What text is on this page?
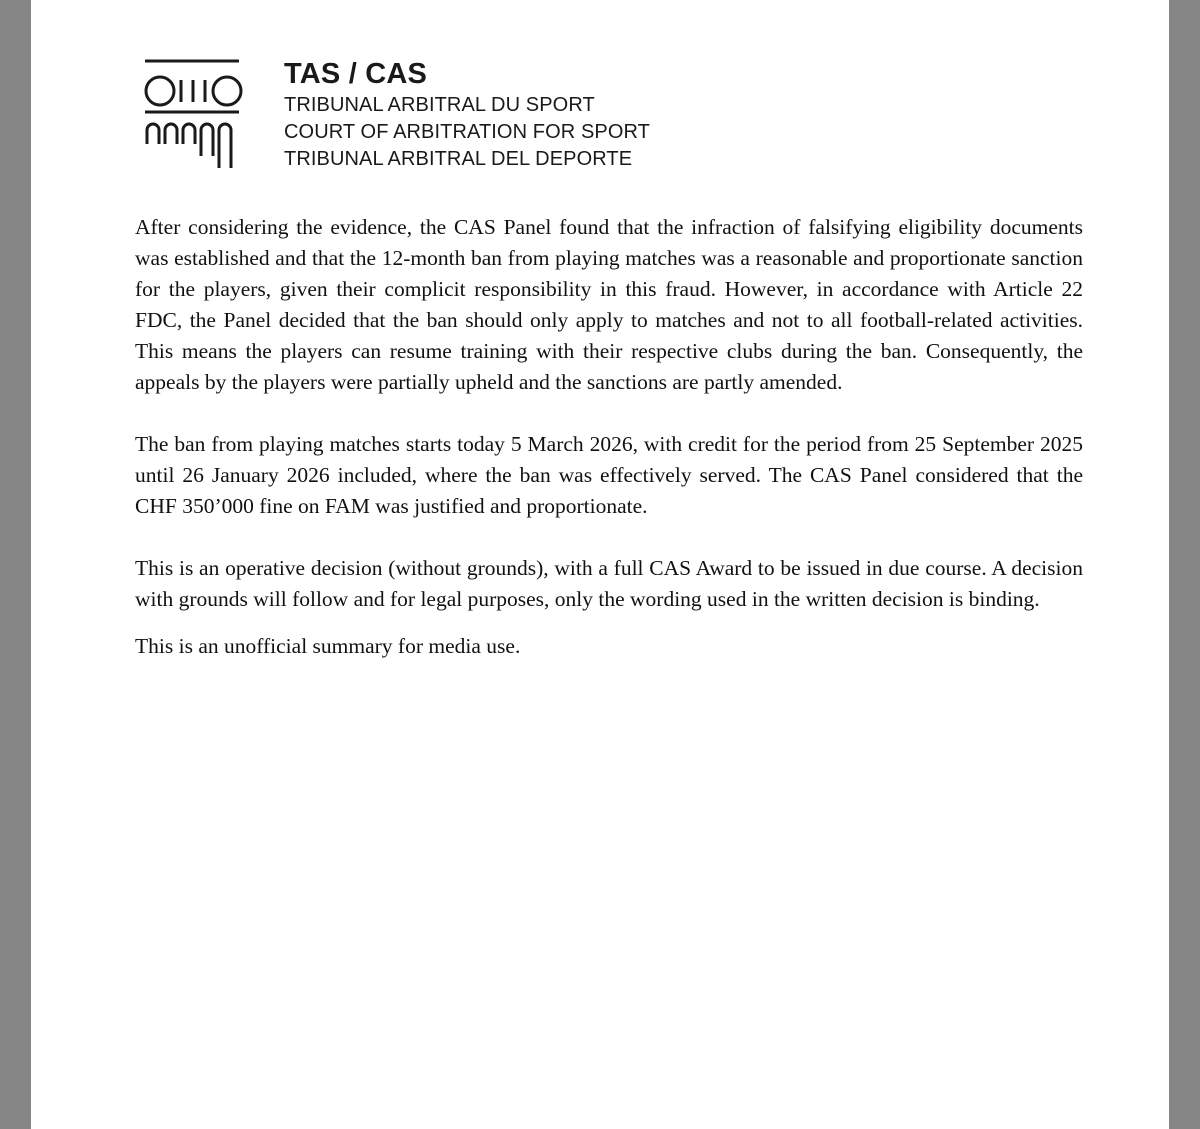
TAS / CAS
TRIBUNAL ARBITRAL DU SPORT
COURT OF ARBITRATION FOR SPORT
TRIBUNAL ARBITRAL DEL DEPORTE

After considering the evidence, the CAS Panel found that the infraction of falsifying eligibility documents was established and that the 12-month ban from playing matches was a reasonable and proportionate sanction for the players, given their complicit responsibility in this fraud. However, in accordance with Article 22 FDC, the Panel decided that the ban should only apply to matches and not to all football-related activities. This means the players can resume training with their respective clubs during the ban. Consequently, the appeals by the players were partially upheld and the sanctions are partly amended.

The ban from playing matches starts today 5 March 2026, with credit for the period from 25 September 2025 until 26 January 2026 included, where the ban was effectively served. The CAS Panel considered that the CHF 350’000 fine on FAM was justified and proportionate.

This is an operative decision (without grounds), with a full CAS Award to be issued in due course. A decision with grounds will follow and for legal purposes, only the wording used in the written decision is binding.

This is an unofficial summary for media use.
